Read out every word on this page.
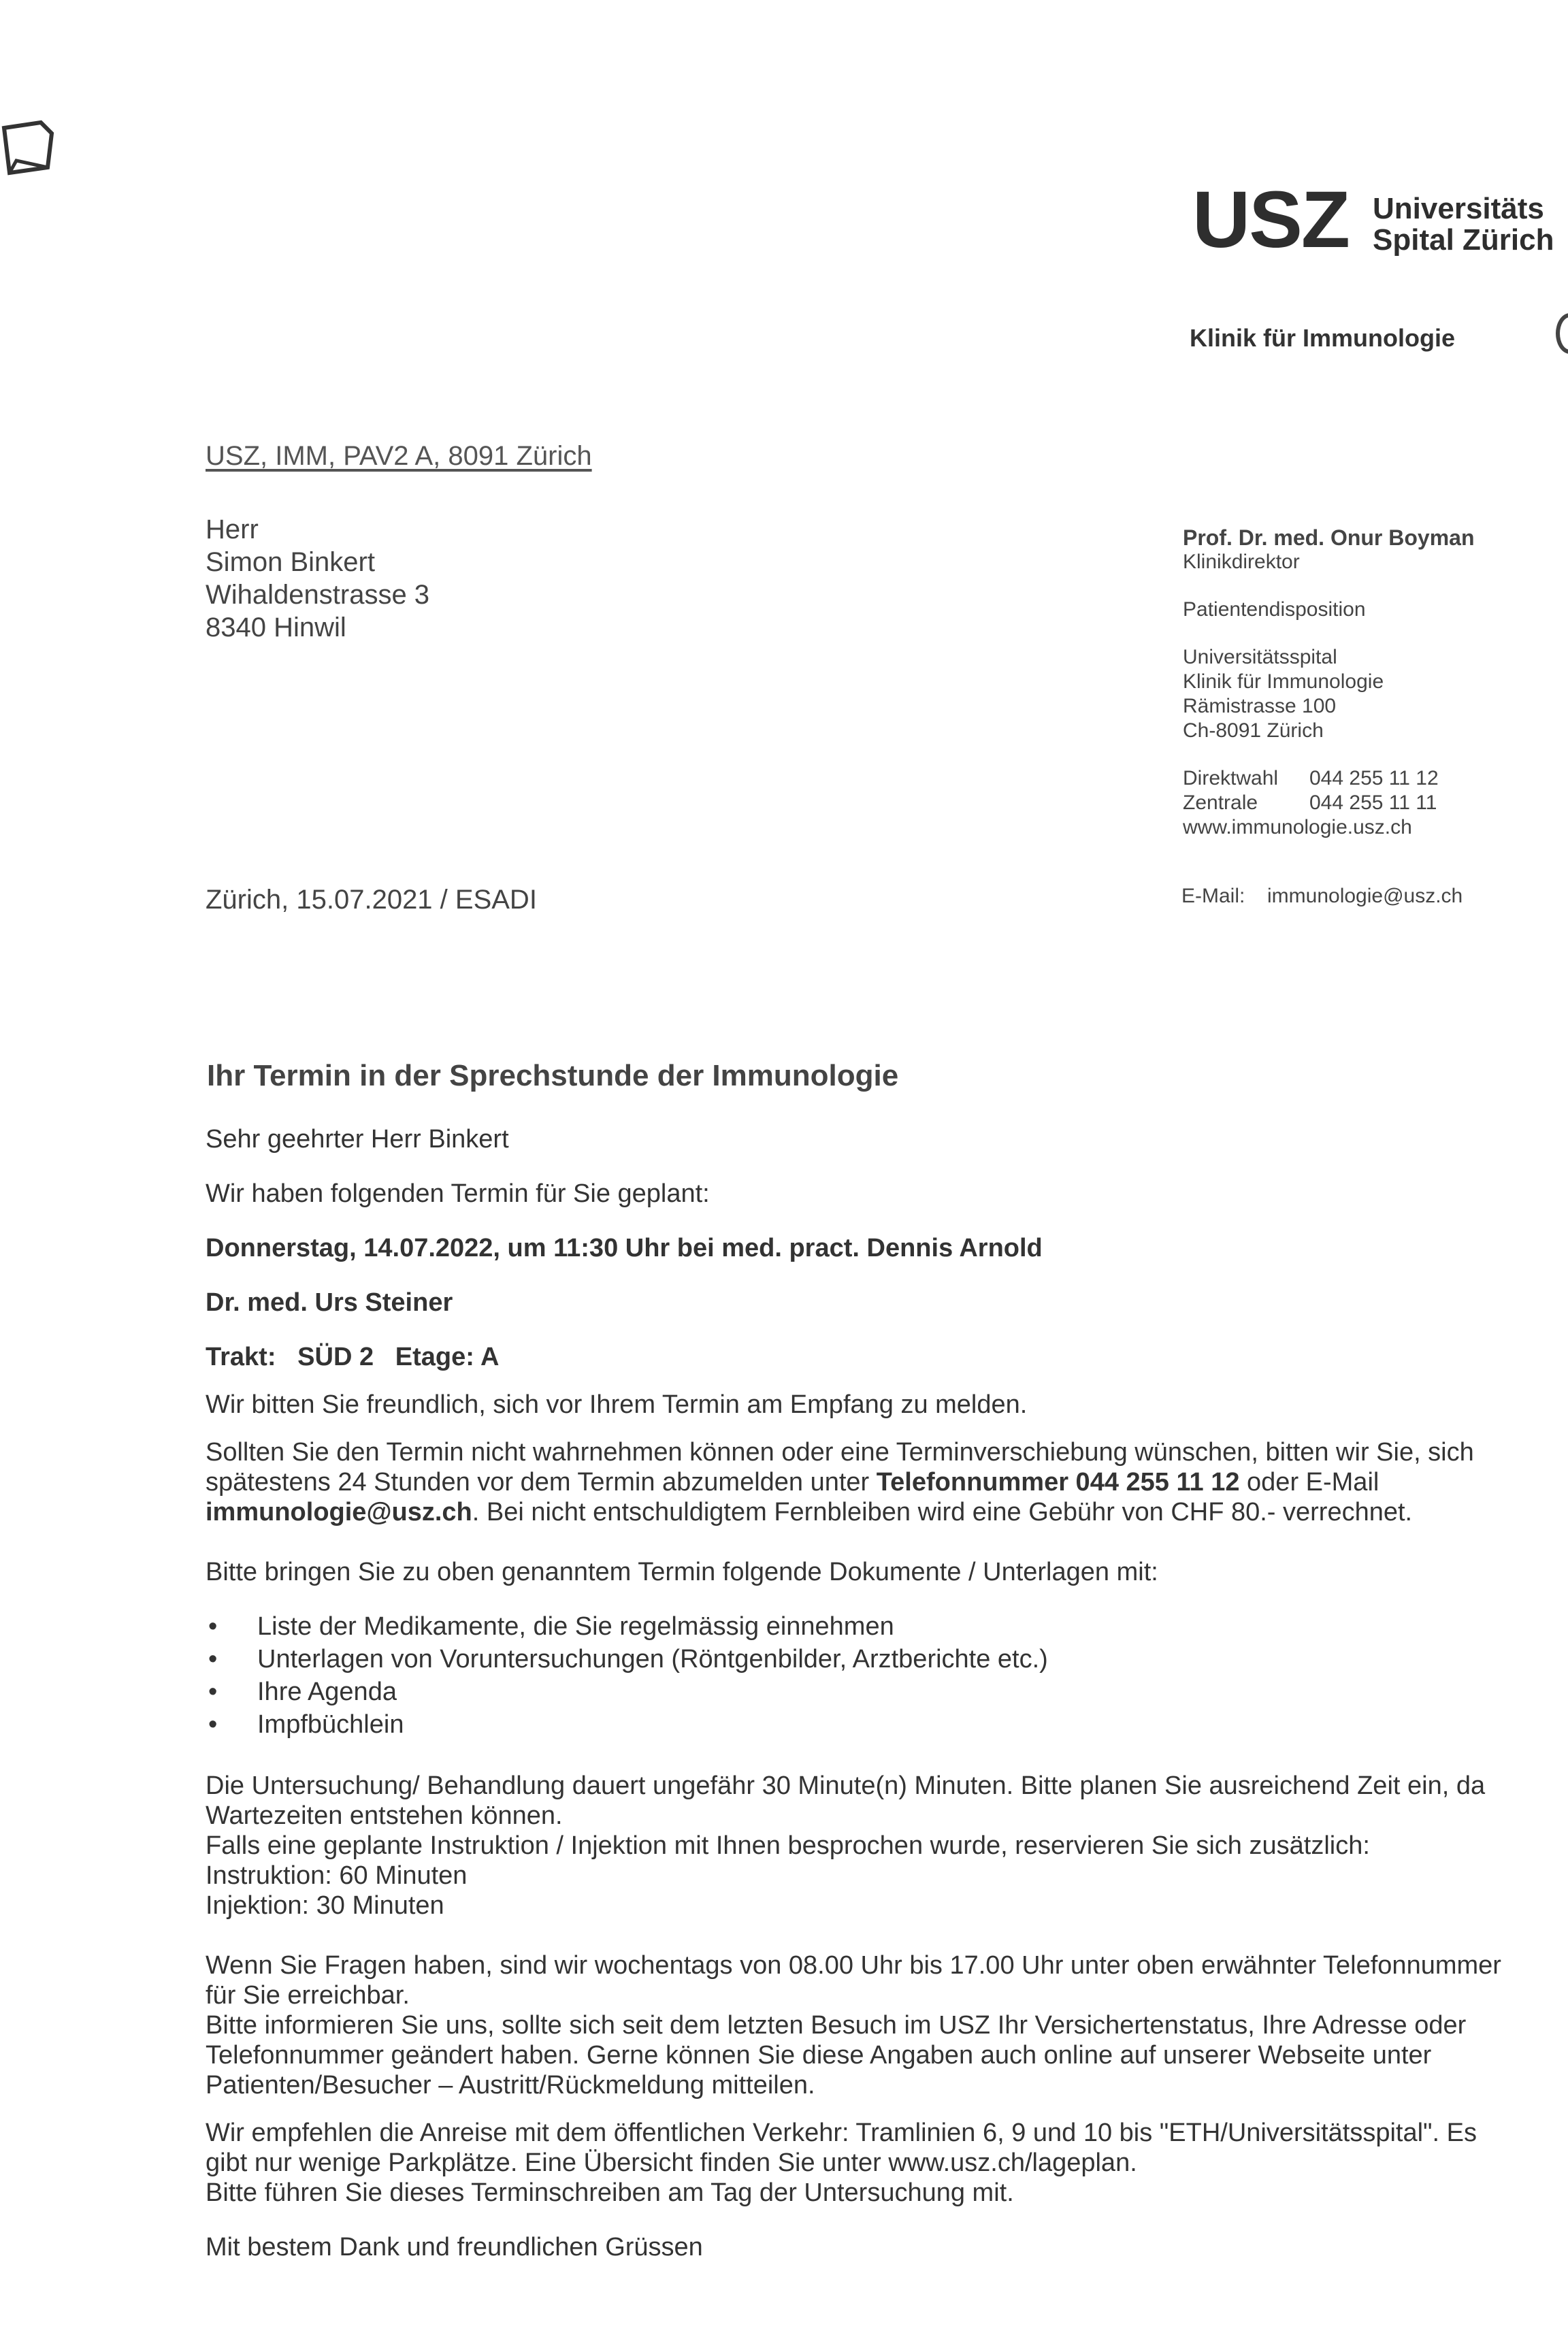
USZ Universitäts
Spital Zürich
Klinik für Immunologie
USZ, IMM, PAV2 A, 8091 Zürich
Herr
Simon Binkert
Wihaldenstrasse 3
8340 Hinwil
Prof. Dr. med. Onur Boyman
Klinikdirektor
Patientendisposition
Universitätsspital
Klinik für Immunologie
Rämistrasse 100
Ch-8091 Zürich
Direktwahl	044 255 11 12
Zentrale	044 255 11 11
www.immunologie.usz.ch
Zürich, 15.07.2021 / ESADI	E-Mail: immunologie@usz.ch
Ihr Termin in der Sprechstunde der Immunologie

Sehr geehrter Herr Binkert

Wir haben folgenden Termin für Sie geplant:

Donnerstag, 14.07.2022, um 11:30 Uhr bei med. pract. Dennis Arnold

Dr. med. Urs Steiner

Trakt:   SÜD 2   Etage: A

Wir bitten Sie freundlich, sich vor Ihrem Termin am Empfang zu melden.

Sollten Sie den Termin nicht wahrnehmen können oder eine Terminverschiebung wünschen, bitten wir Sie, sich spätestens 24 Stunden vor dem Termin abzumelden unter Telefonnummer 044 255 11 12 oder E-Mail immunologie@usz.ch. Bei nicht entschuldigtem Fernbleiben wird eine Gebühr von CHF 80.- verrechnet.

Bitte bringen Sie zu oben genanntem Termin folgende Dokumente / Unterlagen mit:

• Liste der Medikamente, die Sie regelmässig einnehmen
• Unterlagen von Voruntersuchungen (Röntgenbilder, Arztberichte etc.)
• Ihre Agenda
• Impfbüchlein

Die Untersuchung/ Behandlung dauert ungefähr 30 Minute(n) Minuten. Bitte planen Sie ausreichend Zeit ein, da Wartezeiten entstehen können.

Falls eine geplante Instruktion / Injektion mit Ihnen besprochen wurde, reservieren Sie sich zusätzlich:

Instruktion: 60 Minuten

Injektion: 30 Minuten

Wenn Sie Fragen haben, sind wir wochentags von 08.00 Uhr bis 17.00 Uhr unter oben erwähnter Telefonnummer für Sie erreichbar.

Bitte informieren Sie uns, sollte sich seit dem letzten Besuch im USZ Ihr Versichertenstatus, Ihre Adresse oder Telefonnummer geändert haben. Gerne können Sie diese Angaben auch online auf unserer Webseite unter Patienten/Besucher – Austritt/Rückmeldung mitteilen.

Wir empfehlen die Anreise mit dem öffentlichen Verkehr: Tramlinien 6, 9 und 10 bis "ETH/Universitätsspital". Es gibt nur wenige Parkplätze. Eine Übersicht finden Sie unter www.usz.ch/lageplan.

Bitte führen Sie dieses Terminschreiben am Tag der Untersuchung mit.

Mit bestem Dank und freundlichen Grüssen
